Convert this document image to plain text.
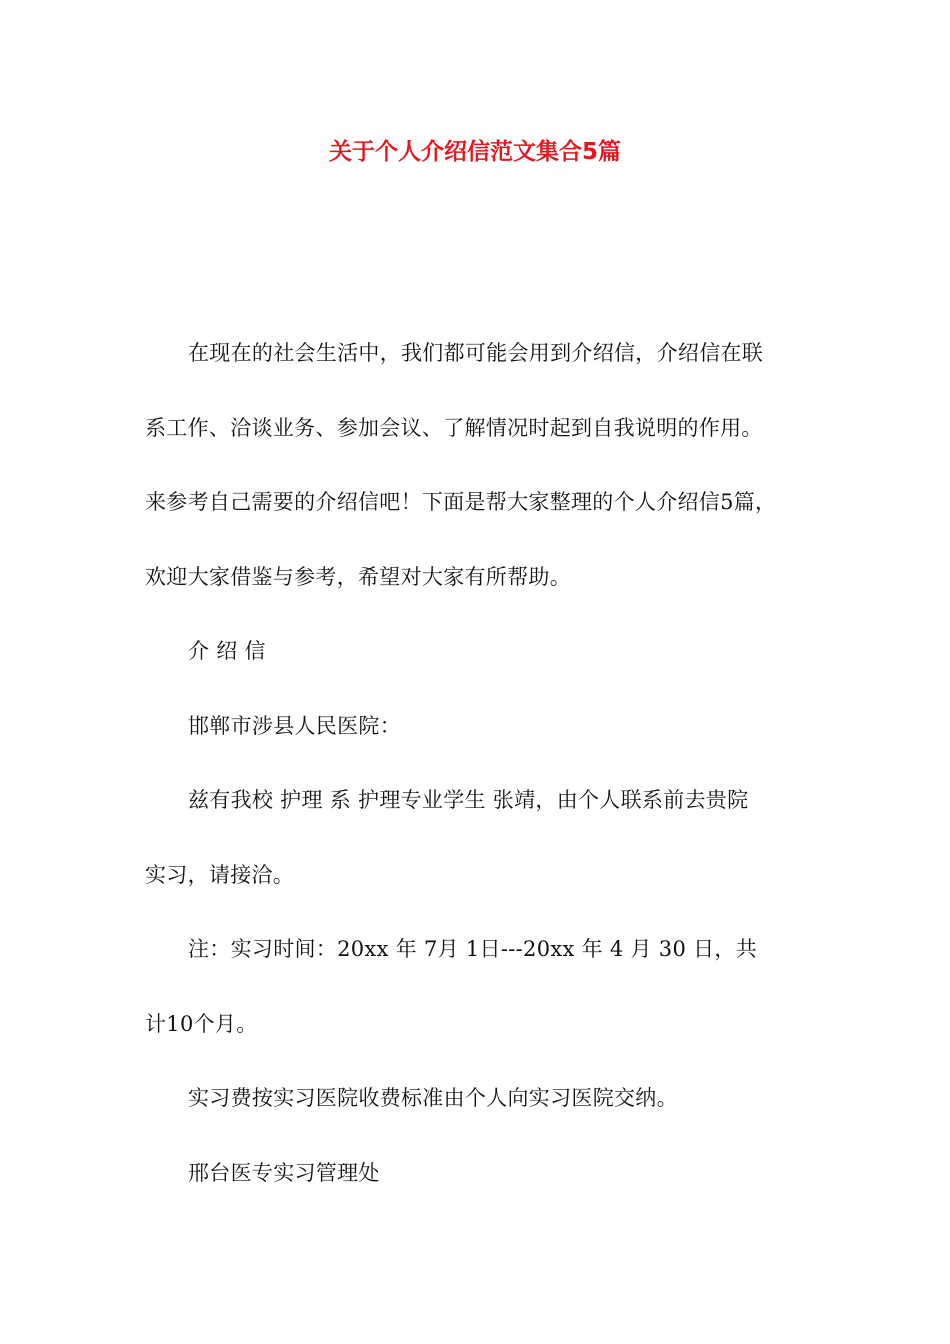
关于个人介绍信范文集合5篇
在现在的社会生活中，我们都可能会用到介绍信，介绍信在联
系工作、洽谈业务、参加会议、了解情况时起到自我说明的作用。
来参考自己需要的介绍信吧！下面是帮大家整理的个人介绍信5篇，
欢迎大家借鉴与参考，希望对大家有所帮助。
介 绍 信
邯郸市涉县人民医院：
兹有我校 护理 系 护理专业学生 张靖，由个人联系前去贵院
实习，请接洽。
注：实习时间：20xx 年 7月 1日---20xx 年 4 月 30 日，共
计10个月。
实习费按实习医院收费标准由个人向实习医院交纳。
邢台医专实习管理处
